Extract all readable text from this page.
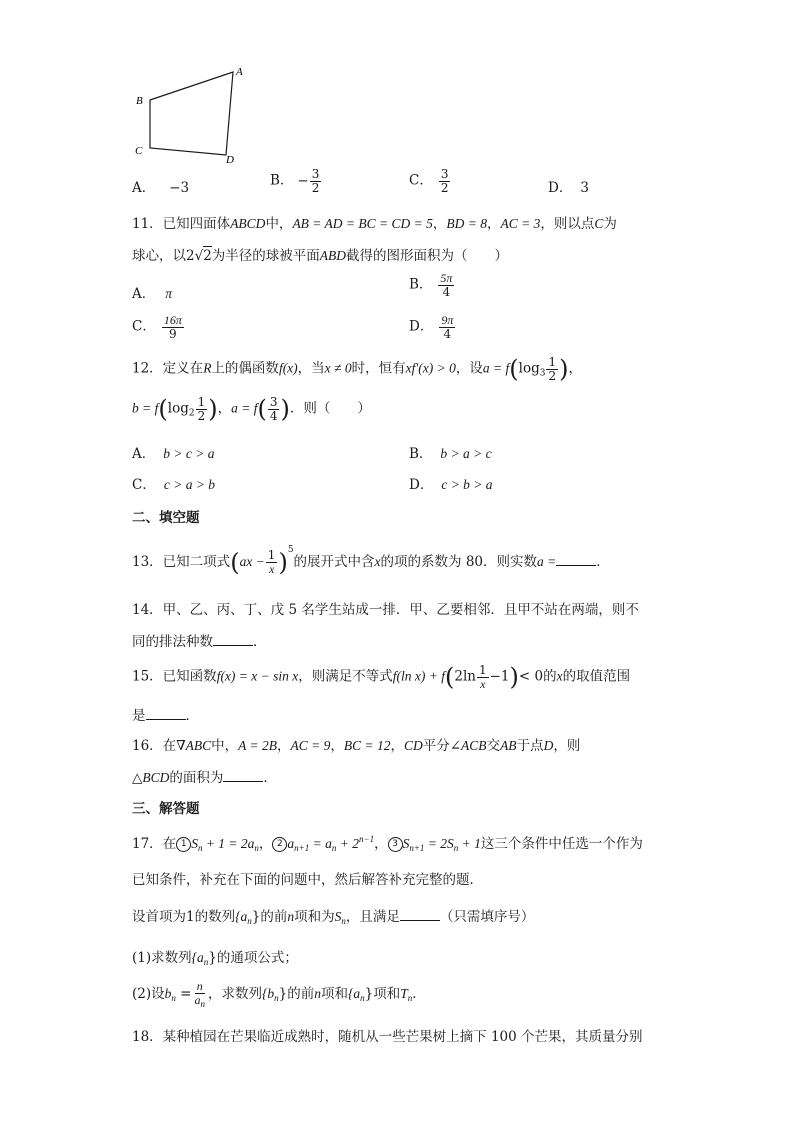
A
B
C
D
A． −3	B． − $\frac{3}{2}$	C． $\frac{3}{2}$	D． 3
11．已知四面体ABCD中，AB = AD = BC = CD = 5，BD = 8，AC = 3，则以点C为
球心，以2√2为半径的球被平面ABD截得的图形面积为（　　）
A． π
B． $\frac{5\pi}{4}$
C． $\frac{16\pi}{9}$	D． $\frac{9\pi}{4}$
12．定义在R上的偶函数f(x)，当x ≠ 0时，恒有xf′(x) > 0，设$a = f(\log_3 \frac{1}{2}$ )，
$b = f(\log_2 \frac{1}{2}$ )，$a = f( \frac{3}{4}$ )．则（　　）
A． b > c > a	B． b > a > c
C． c > a > b	D． c > b > a
二、填空题
13．已知二项式$(ax - \frac{1}{x} )^5$的展开式中含x的项的系数为 80．则实数a =	．
14．甲、乙、丙、丁、戊 5 名学生站成一排．甲、乙要相邻．且甲不站在两端，则不
同的排法种数	．
15．已知函数f(x) = x − sin x，则满足不等式f(ln $x) + f(2\ln \frac{1}{x} -1)< 0$的x的取值范围
是	．
16．在∇ABC中，A = 2B，AC = 9，BC = 12，CD平分∠ACB交AB于点D，则
△BCD的面积为	．
三、解答题
17．在 1 $S_n + 1 = 2a_n$， 2 $a_{n+1} = a_n + 2^{n-1}$， 3 $S_{n+1} = 2S_n + 1$这三个条件中任选一个作为
已知条件，补充在下面的问题中，然后解答补充完整的题．
设首项为1的数列$\{a_n\}$的前n项和为$S_n$，且满足	（只需填序号）
(1)求数列$\{a_n\}$的通项公式；
(2)设$b_n = \frac{n}{a_n}$ ，求数列$\{b_n\}$的前n项和$\{a_n\}$项和$T_n$．
18．某种植园在芒果临近成熟时，随机从一些芒果树上摘下 100 个芒果，其质量分别
